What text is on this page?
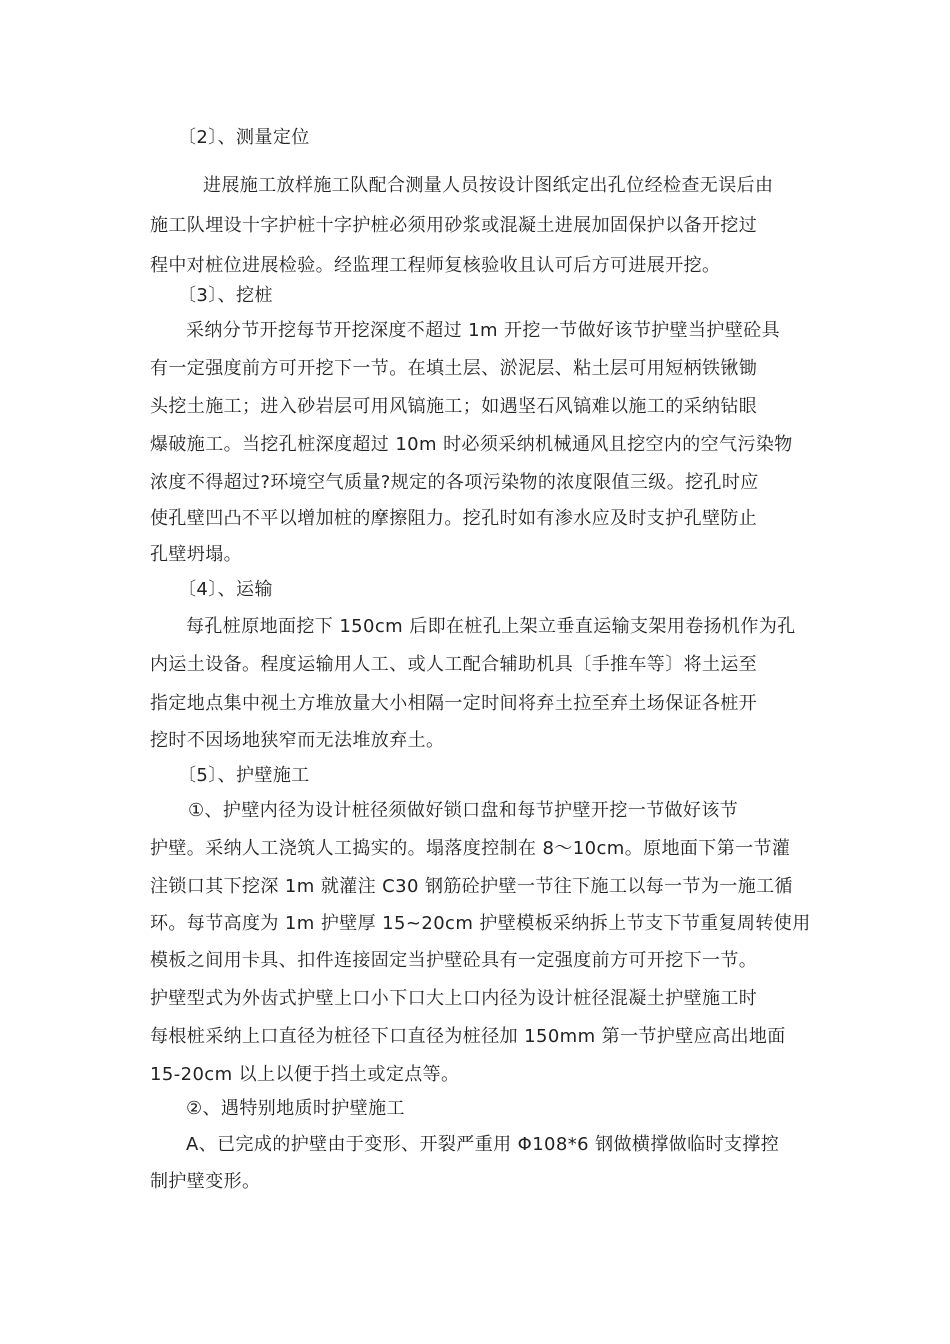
〔2〕、测量定位
进展施工放样施工队配合测量人员按设计图纸定出孔位经检查无误后由
施工队埋设十字护桩十字护桩必须用砂浆或混凝土进展加固保护以备开挖过
程中对桩位进展检验。经监理工程师复核验收且认可后方可进展开挖。
〔3〕、挖桩
采纳分节开挖每节开挖深度不超过 1m 开挖一节做好该节护壁当护壁砼具
有一定强度前方可开挖下一节。在填土层、淤泥层、粘土层可用短柄铁锹锄
头挖土施工；进入砂岩层可用风镐施工；如遇坚石风镐难以施工的采纳钻眼
爆破施工。当挖孔桩深度超过 10m 时必须采纳机械通风且挖空内的空气污染物
浓度不得超过?环境空气质量?规定的各项污染物的浓度限值三级。挖孔时应
使孔壁凹凸不平以增加桩的摩擦阻力。挖孔时如有渗水应及时支护孔壁防止
孔壁坍塌。
〔4〕、运输
每孔桩原地面挖下 150cm 后即在桩孔上架立垂直运输支架用卷扬机作为孔
内运土设备。程度运输用人工、或人工配合辅助机具〔手推车等〕将土运至
指定地点集中视土方堆放量大小相隔一定时间将弃土拉至弃土场保证各桩开
挖时不因场地狭窄而无法堆放弃土。
〔5〕、护壁施工
①、护壁内径为设计桩径须做好锁口盘和每节护壁开挖一节做好该节
护壁。采纳人工浇筑人工捣实的。塌落度控制在 8～10cm。原地面下第一节灌
注锁口其下挖深 1m 就灌注 C30 钢筋砼护壁一节往下施工以每一节为一施工循
环。每节高度为 1m 护壁厚 15~20cm 护壁模板采纳拆上节支下节重复周转使用
模板之间用卡具、扣件连接固定当护壁砼具有一定强度前方可开挖下一节。
护壁型式为外齿式护壁上口小下口大上口内径为设计桩径混凝土护壁施工时
每根桩采纳上口直径为桩径下口直径为桩径加 150mm 第一节护壁应高出地面
15-20cm 以上以便于挡土或定点等。
②、遇特别地质时护壁施工
A、已完成的护壁由于变形、开裂严重用 Φ108*6 钢做横撑做临时支撑控
制护壁变形。
